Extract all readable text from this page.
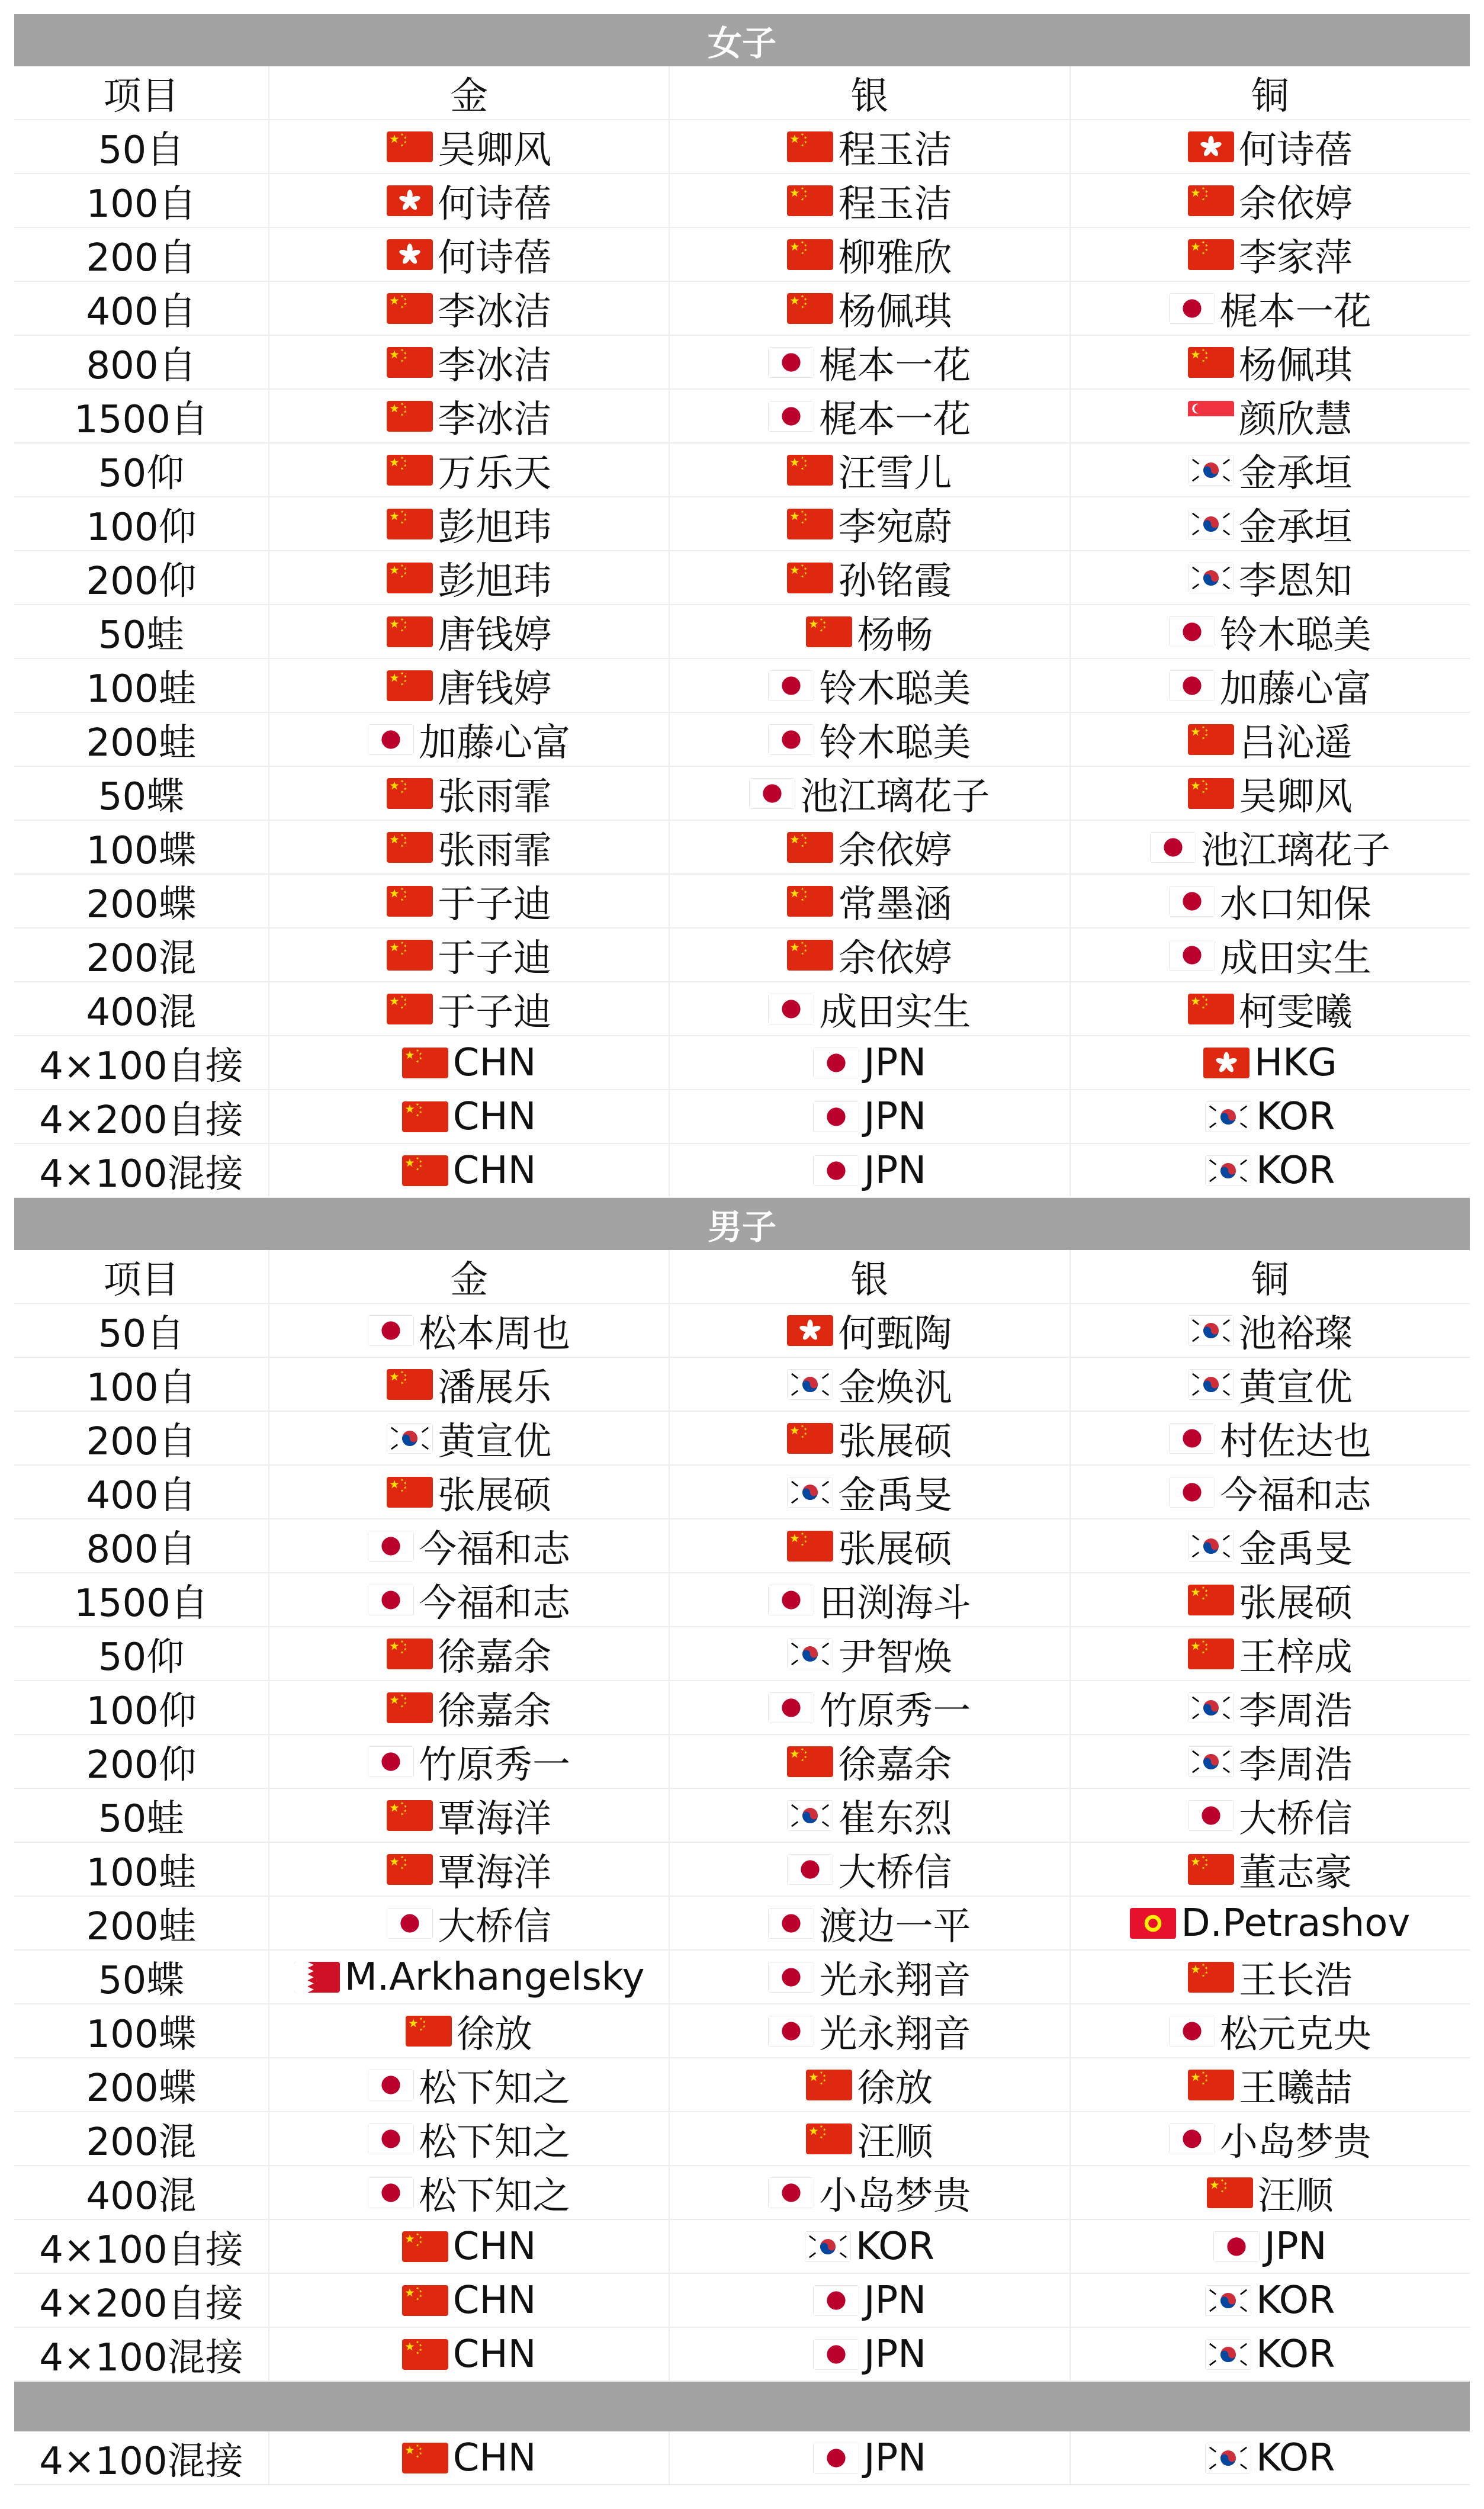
女子
项目	金	银	铜
50自	吴卿风	程玉洁	何诗蓓
100自	何诗蓓	程玉洁	余依婷
200自	何诗蓓	柳雅欣	李家萍
400自	李冰洁	杨佩琪	梶本一花
800自	李冰洁	梶本一花	杨佩琪
1500自	李冰洁	梶本一花	颜欣慧
50仰	万乐天	汪雪儿	金承垣
100仰	彭旭玮	李宛蔚	金承垣
200仰	彭旭玮	孙铭霞	李恩知
50蛙	唐钱婷	杨畅	铃木聪美
100蛙	唐钱婷	铃木聪美	加藤心富
200蛙	加藤心富	铃木聪美	吕沁遥
50蝶	张雨霏	池江璃花子	吴卿风
100蝶	张雨霏	余依婷	池江璃花子
200蝶	于子迪	常墨涵	水口知保
200混	于子迪	余依婷	成田实生
400混	于子迪	成田实生	柯雯曦
4×100自接	CHN	JPN	HKG
4×200自接	CHN	JPN	KOR
4×100混接	CHN	JPN	KOR
男子
项目	金	银	铜
50自	松本周也	何甄陶	池裕璨
100自	潘展乐	金焕汎	黄宣优
200自	黄宣优	张展硕	村佐达也
400自	张展硕	金禹旻	今福和志
800自	今福和志	张展硕	金禹旻
1500自	今福和志	田渕海斗	张展硕
50仰	徐嘉余	尹智焕	王梓成
100仰	徐嘉余	竹原秀一	李周浩
200仰	竹原秀一	徐嘉余	李周浩
50蛙	覃海洋	崔东烈	大桥信
100蛙	覃海洋	大桥信	董志豪
200蛙	大桥信	渡边一平	D.Petrashov
50蝶	M.Arkhangelsky	光永翔音	王长浩
100蝶	徐放	光永翔音	松元克央
200蝶	松下知之	徐放	王曦喆
200混	松下知之	汪顺	小岛梦贵
400混	松下知之	小岛梦贵	汪顺
4×100自接	CHN	KOR	JPN
4×200自接	CHN	JPN	KOR
4×100混接	CHN	JPN	KOR
4×100混接	CHN	JPN	KOR
